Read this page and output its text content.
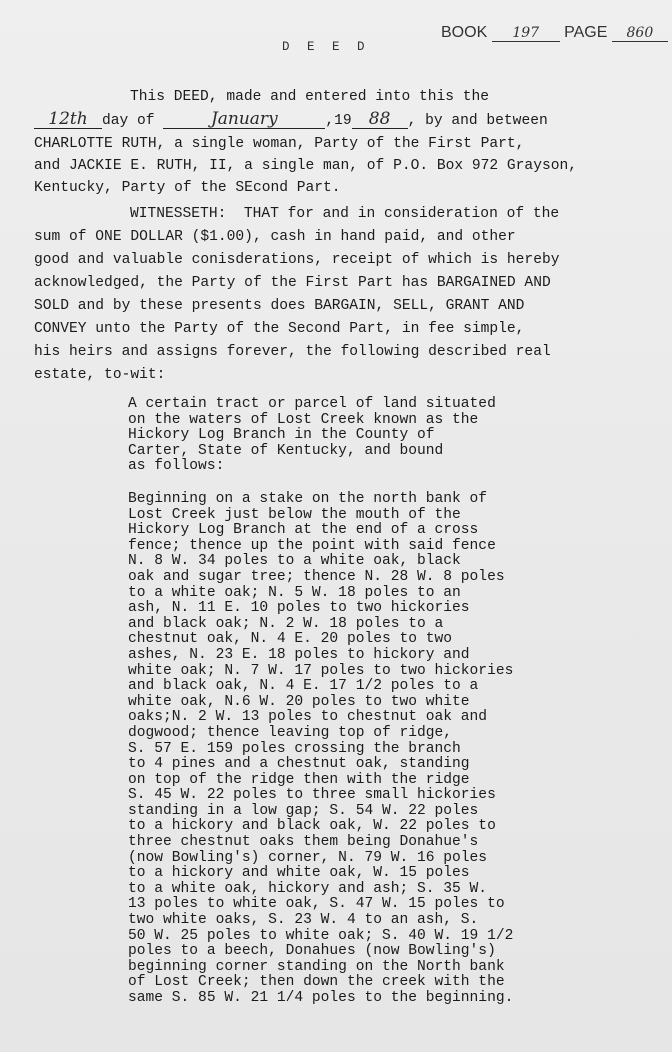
BOOK 197 PAGE 860
D E E D
This DEED, made and entered into this the
12th day of	January	,19 88 , by and between
CHARLOTTE RUTH, a single woman, Party of the First Part,
and JACKIE E. RUTH, II, a single man, of P.O. Box 972 Grayson,
Kentucky, Party of the SEcond Part.
WITNESSETH:  THAT for and in consideration of the
sum of ONE DOLLAR ($1.00), cash in hand paid, and other
good and valuable conisderations, receipt of which is hereby
acknowledged, the Party of the First Part has BARGAINED AND
SOLD and by these presents does BARGAIN, SELL, GRANT AND
CONVEY unto the Party of the Second Part, in fee simple,
his heirs and assigns forever, the following described real
estate, to-wit:
A certain tract or parcel of land situated
on the waters of Lost Creek known as the
Hickory Log Branch in the County of
Carter, State of Kentucky, and bound
as follows:
Beginning on a stake on the north bank of
Lost Creek just below the mouth of the
Hickory Log Branch at the end of a cross
fence; thence up the point with said fence
N. 8 W. 34 poles to a white oak, black
oak and sugar tree; thence N. 28 W. 8 poles
to a white oak; N. 5 W. 18 poles to an
ash, N. 11 E. 10 poles to two hickories
and black oak; N. 2 W. 18 poles to a
chestnut oak, N. 4 E. 20 poles to two
ashes, N. 23 E. 18 poles to hickory and
white oak; N. 7 W. 17 poles to two hickories
and black oak, N. 4 E. 17 1/2 poles to a
white oak, N.6 W. 20 poles to two white
oaks;N. 2 W. 13 poles to chestnut oak and
dogwood; thence leaving top of ridge,
S. 57 E. 159 poles crossing the branch
to 4 pines and a chestnut oak, standing
on top of the ridge then with the ridge
S. 45 W. 22 poles to three small hickories
standing in a low gap; S. 54 W. 22 poles
to a hickory and black oak, W. 22 poles to
three chestnut oaks them being Donahue's
(now Bowling's) corner, N. 79 W. 16 poles
to a hickory and white oak, W. 15 poles
to a white oak, hickory and ash; S. 35 W.
13 poles to white oak, S. 47 W. 15 poles to
two white oaks, S. 23 W. 4 to an ash, S.
50 W. 25 poles to white oak; S. 40 W. 19 1/2
poles to a beech, Donahues (now Bowling's)
beginning corner standing on the North bank
of Lost Creek; then down the creek with the
same S. 85 W. 21 1/4 poles to the beginning.
